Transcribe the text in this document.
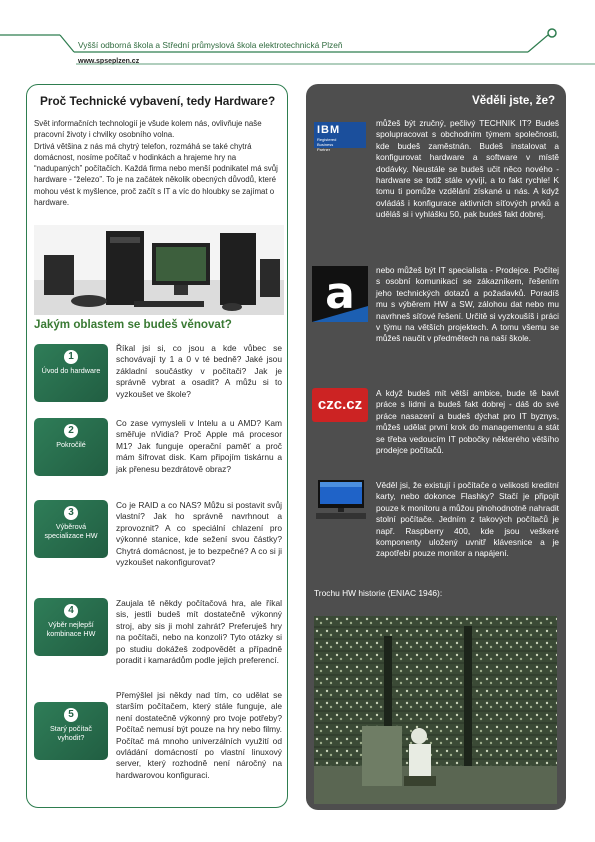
Vyšší odborná škola a Střední průmyslová škola elektrotechnická Plzeň
www.spseplzen.cz
Proč Technické vybavení, tedy Hardware?

Svět informačních technologií je všude kolem nás, ovlivňuje naše pracovní životy i chvilky osobního volna.

Drtivá většina z nás má chytrý telefon, rozmáhá se také chytrá domácnost, nosíme počítač v hodinkách a hrajeme hry na “nadupaných” počítačích. Každá firma nebo menší podnikatel má svůj hardware - “železo”. To je na začátek několik obecných důvodů, které mohou vést k myšlence, proč začít s IT a víc do hloubky se zajímat o hardware.

Jakým oblastem se budeš věnovat?
1
Úvod do hardware
Říkal jsi si, co jsou a kde vůbec se schovávají ty 1 a 0 v té bedně? Jaké jsou základní součástky v počítači? Jak je správně vybrat a osadit? A můžu si to vyzkoušet ve škole?
2
Pokročilé
Co zase vymysleli v Intelu a u AMD? Kam směřuje nVidia? Proč Apple má procesor M1? Jak funguje operační paměť a proč mám šifrovat disk. Kam připojím tiskárnu a jak přenesu bezdrátově obraz?
3
Výběrová specializace HW
Co je RAID a co NAS? Můžu si postavit svůj vlastní? Jak ho správně navrhnout a zprovoznit? A co speciální chlazení pro výkonné stanice, kde sežení svou částky? Chytrá domácnost, je to bezpečné? A co si ji vyzkoušet nakonfigurovat?
4
Výběr nejlepší kombinace HW
Zaujala tě někdy počítačová hra, ale říkal sis, jestli budeš mít dostatečně výkonný stroj, aby sis ji mohl zahrát? Preferuješ hry na počítači, nebo na konzoli? Tyto otázky si po studiu dokážeš zodpovědět a případně poradit i kamarádům podle jejich preferencí.
5
Starý počítač vyhodit?
Přemýšlel jsi někdy nad tím, co udělat se starším počítačem, který stále funguje, ale není dostatečně výkonný pro tvoje potřeby? Počítač nemusí být pouze na hry nebo filmy. Počítač má mnoho univerzálních využití od ovládání domácností po vlastní linuxový server, který rozhodně není náročný na hardwarovou konfiguraci.
Věděli jste, že?
IBM
Registered Business Partner
můžeš být zručný, pečlivý TECHNIK IT? Budeš spolupracovat s obchodním týmem společnosti, kde budeš zaměstnán. Budeš instalovat a konfigurovat hardware a software v místě dodávky. Neustále se budeš učit něco nového - hardware se totiž stále vyvíjí, a to fakt rychle! K tomu ti pomůže vzdělání získané u nás. A když ovládáš i konfigurace aktivních síťových prvků a uděláš si i vyhlášku 50, pak budeš fakt dobrej.
a	nebo můžeš být IT specialista - Prodejce. Počítej s osobní komunikací se zákazníkem, řešením jeho technických dotazů a požadavků. Poradíš mu s výběrem HW a SW, zálohou dat nebo mu navrhneš síťové řešení. Určitě si vyzkoušíš i práci v týmu na větších projektech. A tomu všemu se můžeš naučit v předmětech na naší škole.
czc.cz
A když budeš mít větší ambice, bude tě bavit práce s lidmi a budeš fakt dobrej - dáš do své práce nasazení a budeš dýchat pro IT byznys, můžeš udělat první krok do managementu a stát se třeba vedoucím IT pobočky některého většího prodejce počítačů.
Věděl jsi, že existují i počítače o velikosti kreditní karty, nebo dokonce Flashky? Stačí je připojit pouze k monitoru a můžou plnohodnotně nahradit stolní počítače. Jedním z takových počítačů je např. Raspberry 400, kde jsou veškeré komponenty uložený uvnitř klávesnice a je zapotřebí pouze monitor a napájení.
Trochu HW historie (ENIAC 1946):
